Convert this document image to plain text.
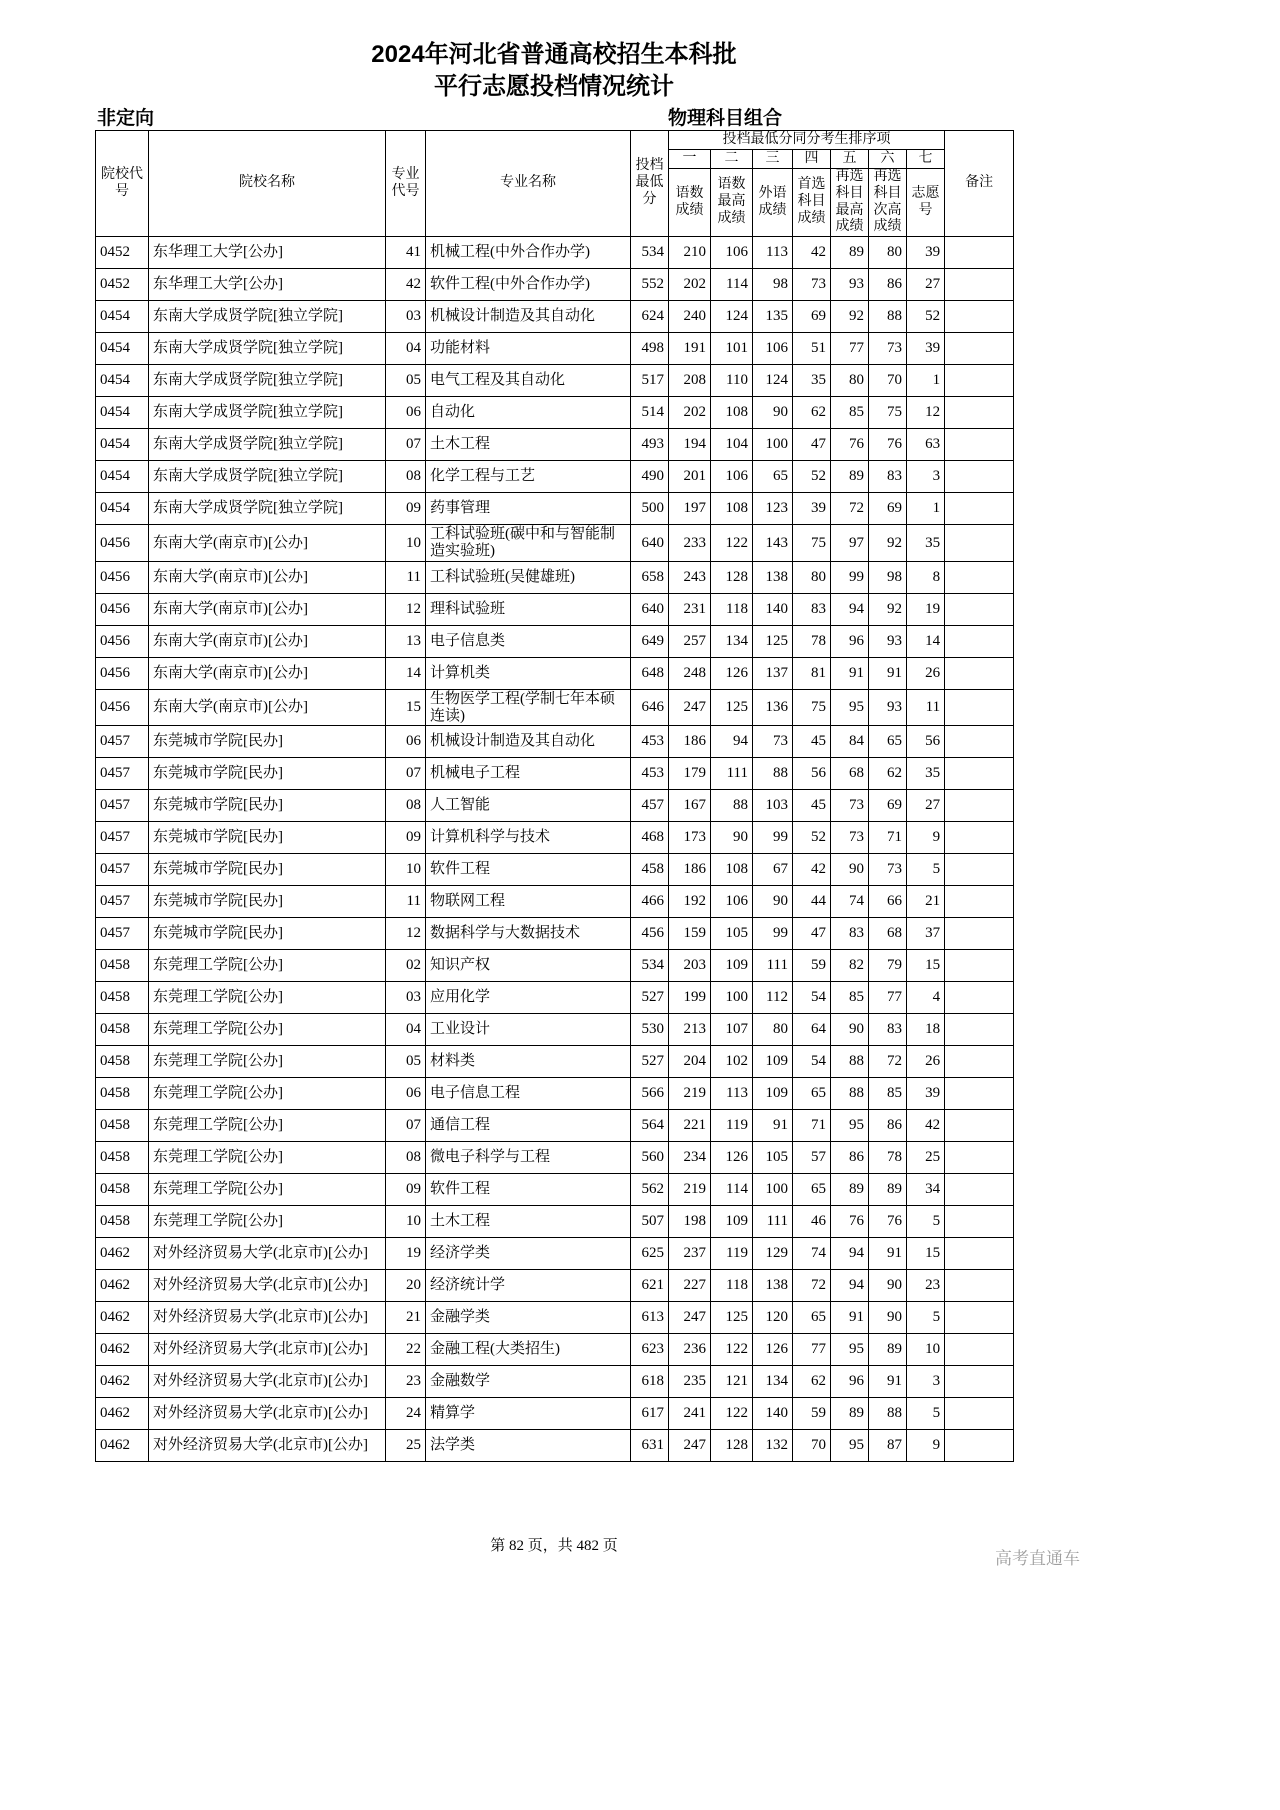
2024年河北省普通高校招生本科批
平行志愿投档情况统计
非定向	物理科目组合
院校代号	院校名称	专业代号	专业名称	投档最低分	投档最低分同分考生排序项							备注
					一	二	三	四	五	六	七	
					语数成绩	语数最高成绩	外语成绩	首选科目成绩	再选科目最高成绩	再选科目次高成绩	志愿号	
0452	东华理工大学[公办]	41	机械工程(中外合作办学)	534	210	106	113	42	89	80	39	
0452	东华理工大学[公办]	42	软件工程(中外合作办学)	552	202	114	98	73	93	86	27	
0454	东南大学成贤学院[独立学院]	03	机械设计制造及其自动化	624	240	124	135	69	92	88	52	
0454	东南大学成贤学院[独立学院]	04	功能材料	498	191	101	106	51	77	73	39	
0454	东南大学成贤学院[独立学院]	05	电气工程及其自动化	517	208	110	124	35	80	70	1	
0454	东南大学成贤学院[独立学院]	06	自动化	514	202	108	90	62	85	75	12	
0454	东南大学成贤学院[独立学院]	07	土木工程	493	194	104	100	47	76	76	63	
0454	东南大学成贤学院[独立学院]	08	化学工程与工艺	490	201	106	65	52	89	83	3	
0454	东南大学成贤学院[独立学院]	09	药事管理	500	197	108	123	39	72	69	1	
0456	东南大学(南京市)[公办]	10	工科试验班(碳中和与智能制造实验班)	640	233	122	143	75	97	92	35	
0456	东南大学(南京市)[公办]	11	工科试验班(吴健雄班)	658	243	128	138	80	99	98	8	
0456	东南大学(南京市)[公办]	12	理科试验班	640	231	118	140	83	94	92	19	
0456	东南大学(南京市)[公办]	13	电子信息类	649	257	134	125	78	96	93	14	
0456	东南大学(南京市)[公办]	14	计算机类	648	248	126	137	81	91	91	26	
0456	东南大学(南京市)[公办]	15	生物医学工程(学制七年本硕连读)	646	247	125	136	75	95	93	11	
0457	东莞城市学院[民办]	06	机械设计制造及其自动化	453	186	94	73	45	84	65	56	
0457	东莞城市学院[民办]	07	机械电子工程	453	179	111	88	56	68	62	35	
0457	东莞城市学院[民办]	08	人工智能	457	167	88	103	45	73	69	27	
0457	东莞城市学院[民办]	09	计算机科学与技术	468	173	90	99	52	73	71	9	
0457	东莞城市学院[民办]	10	软件工程	458	186	108	67	42	90	73	5	
0457	东莞城市学院[民办]	11	物联网工程	466	192	106	90	44	74	66	21	
0457	东莞城市学院[民办]	12	数据科学与大数据技术	456	159	105	99	47	83	68	37	
0458	东莞理工学院[公办]	02	知识产权	534	203	109	111	59	82	79	15	
0458	东莞理工学院[公办]	03	应用化学	527	199	100	112	54	85	77	4	
0458	东莞理工学院[公办]	04	工业设计	530	213	107	80	64	90	83	18	
0458	东莞理工学院[公办]	05	材料类	527	204	102	109	54	88	72	26	
0458	东莞理工学院[公办]	06	电子信息工程	566	219	113	109	65	88	85	39	
0458	东莞理工学院[公办]	07	通信工程	564	221	119	91	71	95	86	42	
0458	东莞理工学院[公办]	08	微电子科学与工程	560	234	126	105	57	86	78	25	
0458	东莞理工学院[公办]	09	软件工程	562	219	114	100	65	89	89	34	
0458	东莞理工学院[公办]	10	土木工程	507	198	109	111	46	76	76	5	
0462	对外经济贸易大学(北京市)[公办]	19	经济学类	625	237	119	129	74	94	91	15	
0462	对外经济贸易大学(北京市)[公办]	20	经济统计学	621	227	118	138	72	94	90	23	
0462	对外经济贸易大学(北京市)[公办]	21	金融学类	613	247	125	120	65	91	90	5	
0462	对外经济贸易大学(北京市)[公办]	22	金融工程(大类招生)	623	236	122	126	77	95	89	10	
0462	对外经济贸易大学(北京市)[公办]	23	金融数学	618	235	121	134	62	96	91	3	
0462	对外经济贸易大学(北京市)[公办]	24	精算学	617	241	122	140	59	89	88	5	
0462	对外经济贸易大学(北京市)[公办]	25	法学类	631	247	128	132	70	95	87	9	
第 82 页，共 482 页
高考直通车
